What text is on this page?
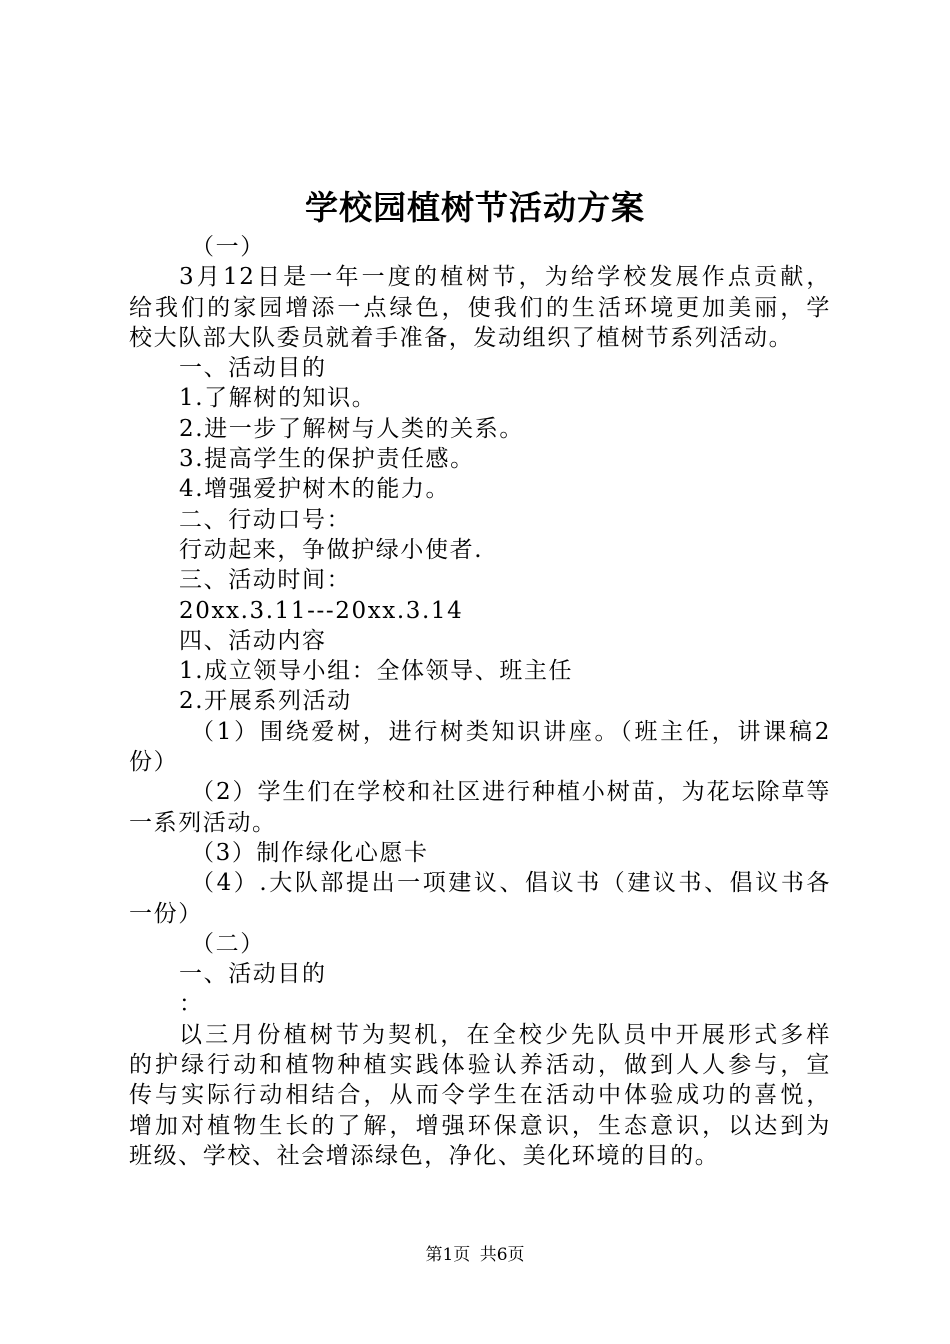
学校园植树节活动方案
（一）
3月12日是一年一度的植树节，为给学校发展作点贡献，
给我们的家园增添一点绿色，使我们的生活环境更加美丽，学
校大队部大队委员就着手准备，发动组织了植树节系列活动。
一、活动目的
1.了解树的知识。
2.进一步了解树与人类的关系。
3.提高学生的保护责任感。
4.增强爱护树木的能力。
二、行动口号：
行动起来，争做护绿小使者.
三、活动时间：
20xx.3.11---20xx.3.14
四、活动内容
1.成立领导小组：全体领导、班主任
2.开展系列活动
（1）围绕爱树，进行树类知识讲座。（班主任，讲课稿2
份）
（2）学生们在学校和社区进行种植小树苗，为花坛除草等
一系列活动。
（3）制作绿化心愿卡
（4）.大队部提出一项建议、倡议书（建议书、倡议书各
一份）
（二）
一、活动目的
：
以三月份植树节为契机，在全校少先队员中开展形式多样
的护绿行动和植物种植实践体验认养活动，做到人人参与，宣
传与实际行动相结合，从而令学生在活动中体验成功的喜悦，
增加对植物生长的了解，增强环保意识，生态意识，以达到为
班级、学校、社会增添绿色，净化、美化环境的目的。
第1页 共6页
